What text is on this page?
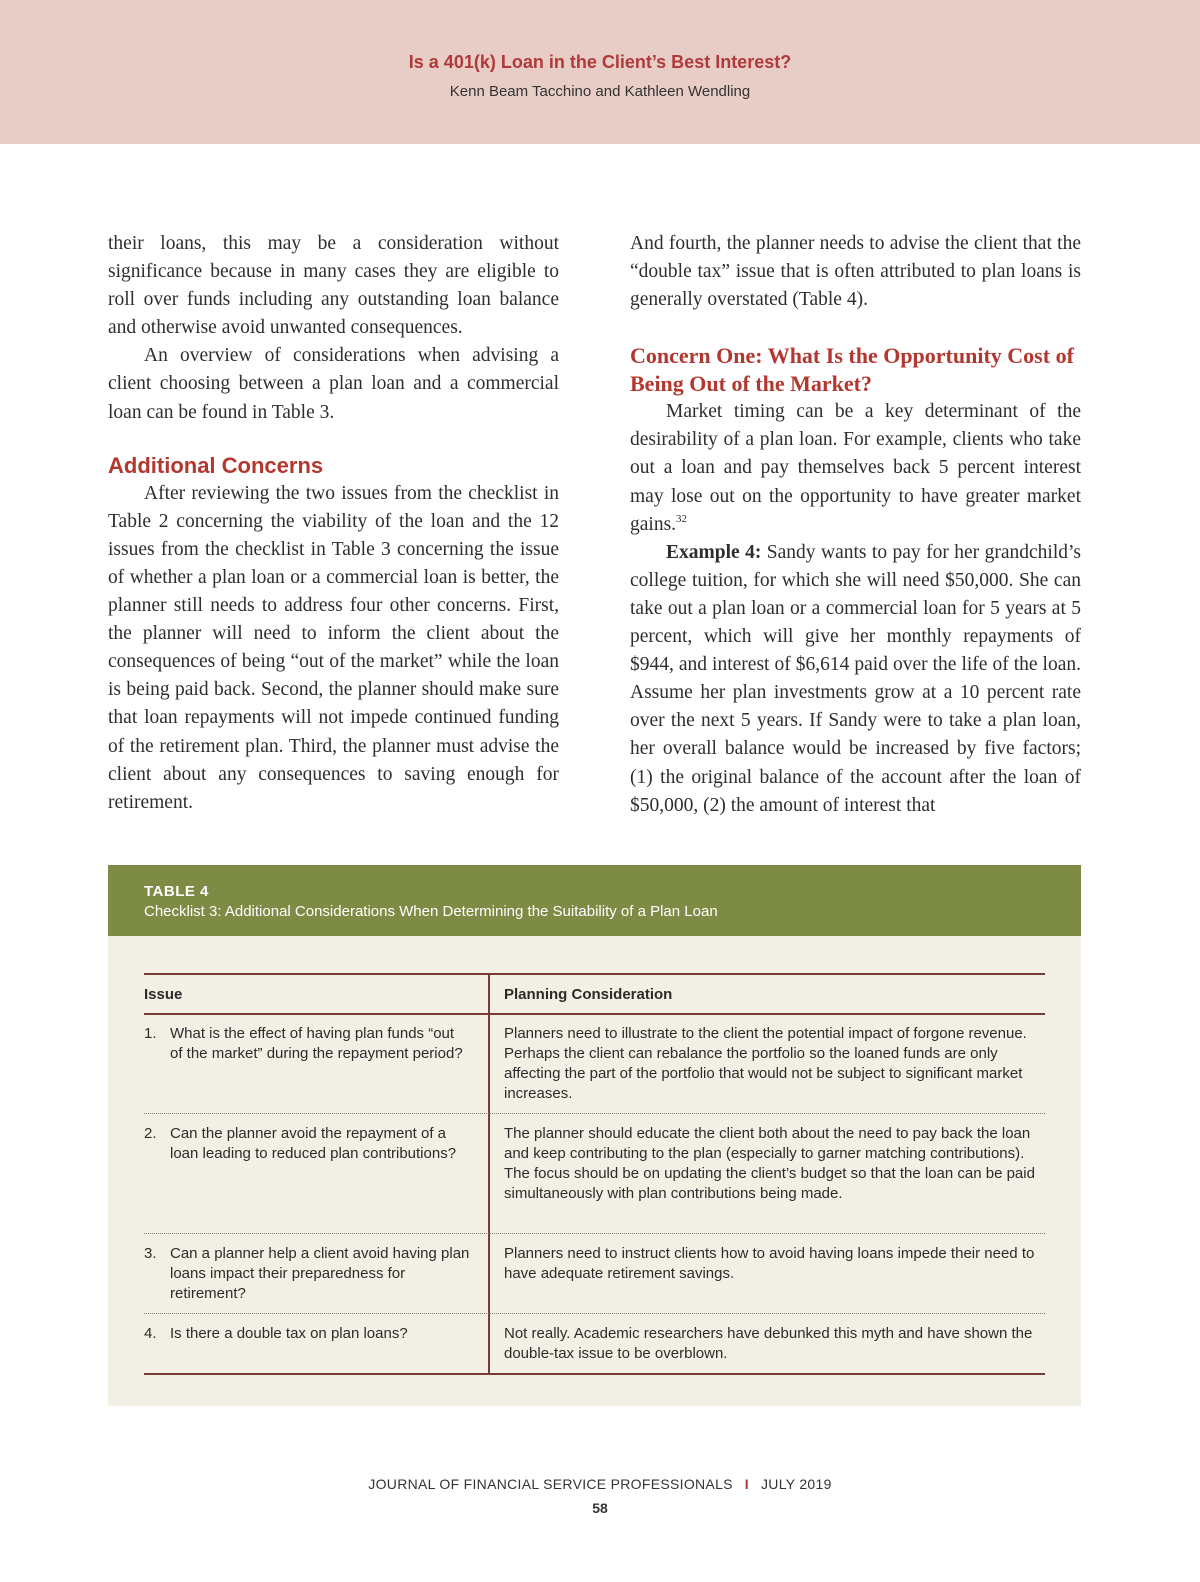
Is a 401(k) Loan in the Client’s Best Interest?
Kenn Beam Tacchino and Kathleen Wendling

their loans, this may be a consideration without significance because in many cases they are eligible to roll over funds including any outstanding loan balance and otherwise avoid unwanted consequences.

An overview of considerations when advising a client choosing between a plan loan and a commercial loan can be found in Table 3.

Additional Concerns

After reviewing the two issues from the checklist in Table 2 concerning the viability of the loan and the 12 issues from the checklist in Table 3 concerning the issue of whether a plan loan or a commercial loan is better, the planner still needs to address four other concerns. First, the planner will need to inform the client about the consequences of being “out of the market” while the loan is being paid back. Second, the planner should make sure that loan repayments will not impede continued funding of the retirement plan. Third, the planner must advise the client about any consequences to saving enough for retirement.

And fourth, the planner needs to advise the client that the “double tax” issue that is often attributed to plan loans is generally overstated (Table 4).

Concern One: What Is the Opportunity Cost of Being Out of the Market?

Market timing can be a key determinant of the desirability of a plan loan. For example, clients who take out a loan and pay themselves back 5 percent interest may lose out on the opportunity to have greater market gains.$^{32}$

Example 4: Sandy wants to pay for her grandchild’s college tuition, for which she will need $50,000. She can take out a plan loan or a commercial loan for 5 years at 5 percent, which will give her monthly repayments of $944, and interest of $6,614 paid over the life of the loan. Assume her plan investments grow at a 10 percent rate over the next 5 years. If Sandy were to take a plan loan, her overall balance would be increased by five factors; (1) the original balance of the account after the loan of $50,000, (2) the amount of interest that

TABLE 4
Checklist 3: Additional Considerations When Determining the Suitability of a Plan Loan
Issue	Planning Consideration
1. What is the effect of having plan funds “out of the market” during the repayment period?
Planners need to illustrate to the client the potential impact of forgone revenue. Perhaps the client can rebalance the portfolio so the loaned funds are only affecting the part of the portfolio that would not be subject to significant market increases.
2. Can the planner avoid the repayment of a loan leading to reduced plan contributions?
The planner should educate the client both about the need to pay back the loan and keep contributing to the plan (especially to garner matching contributions). The focus should be on updating the client’s budget so that the loan can be paid simultaneously with plan contributions being made.
3. Can a planner help a client avoid having plan loans impact their preparedness for retirement?
Planners need to instruct clients how to avoid having loans impede their need to have adequate retirement savings.
4. Is there a double tax on plan loans?	Not really. Academic researchers have debunked this myth and have shown the double-tax issue to be overblown.
JOURNAL OF FINANCIAL SERVICE PROFESSIONALS I JULY 2019
58
